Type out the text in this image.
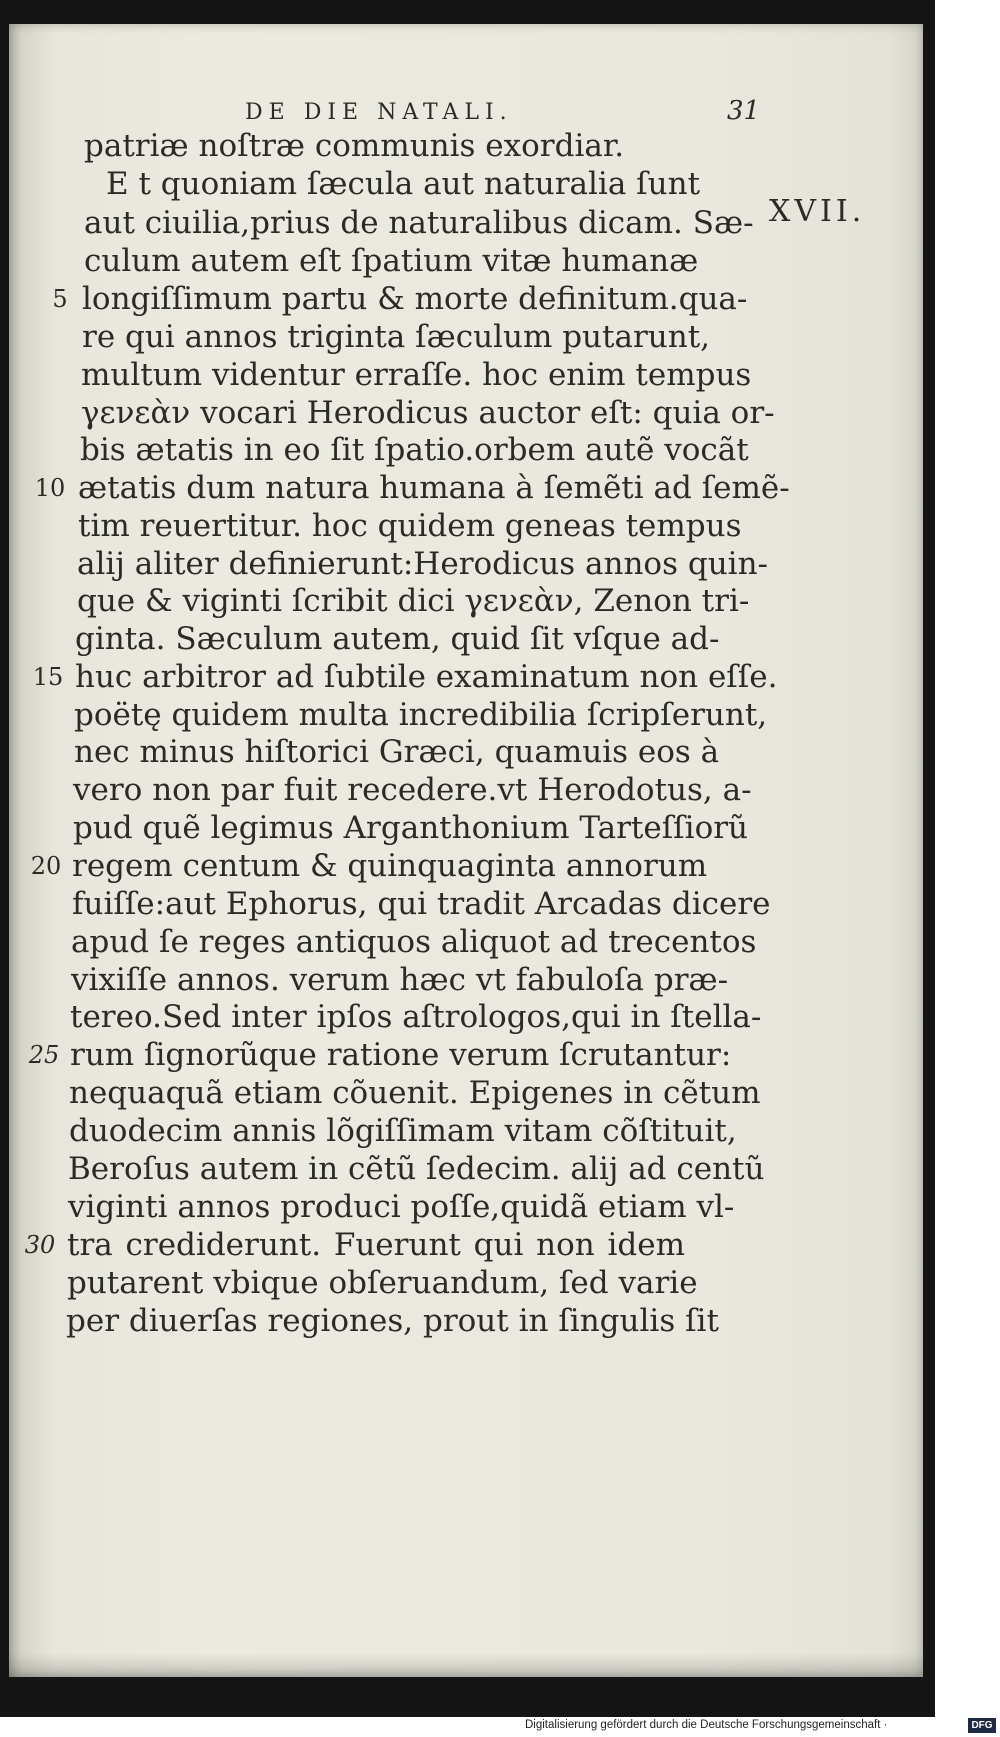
DE DIE NATALI.	31
XVII.
patriæ noſtræ communis exordiar.
E t quoniam ſæcula aut naturalia ſunt
aut ciuilia,prius de naturalibus dicam. Sæ-
culum autem eſt ſpatium vitæ humanæ
longiſſimum partu & morte definitum.qua-
re qui annos triginta ſæculum putarunt,
multum videntur erraſſe. hoc enim tempus
γενεὰν vocari Herodicus auctor eſt: quia or-
bis ætatis in eo ſit ſpatio.orbem autẽ vocãt
ætatis dum natura humana à ſemẽti ad ſemẽ-
tim reuertitur. hoc quidem geneas tempus
alij aliter definierunt:Herodicus annos quin-
que & viginti ſcribit dici γενεὰν, Zenon tri-
ginta. Sæculum autem, quid ſit vſque ad-
huc arbitror ad ſubtile examinatum non eſſe.
poëtę quidem multa incredibilia ſcripſerunt,
nec minus hiſtorici Græci, quamuis eos à
vero non par fuit recedere.vt Herodotus, a-
pud quẽ legimus Arganthonium Tarteſſiorũ
regem centum & quinquaginta annorum
fuiſſe:aut Ephorus, qui tradit Arcadas dicere
apud ſe reges antiquos aliquot ad trecentos
vixiſſe annos. verum hæc vt fabuloſa præ-
tereo.Sed inter ipſos aſtrologos,qui in ſtella-
rum ſignorũque ratione verum ſcrutantur:
nequaquã etiam cõuenit. Epigenes in cẽtum
duodecim annis lõgiſſimam vitam cõſtituit,
Beroſus autem in cẽtũ ſedecim. alij ad centũ
viginti annos produci poſſe,quidã etiam vl-
tra crediderunt. Fuerunt qui non idem
putarent vbique obſeruandum, ſed varie
per diuerſas regiones, prout in ſingulis ſit
5
10
15
20
25
30
Digitalisierung gefördert durch die Deutsche Forschungsgemeinschaft ·	DFG
